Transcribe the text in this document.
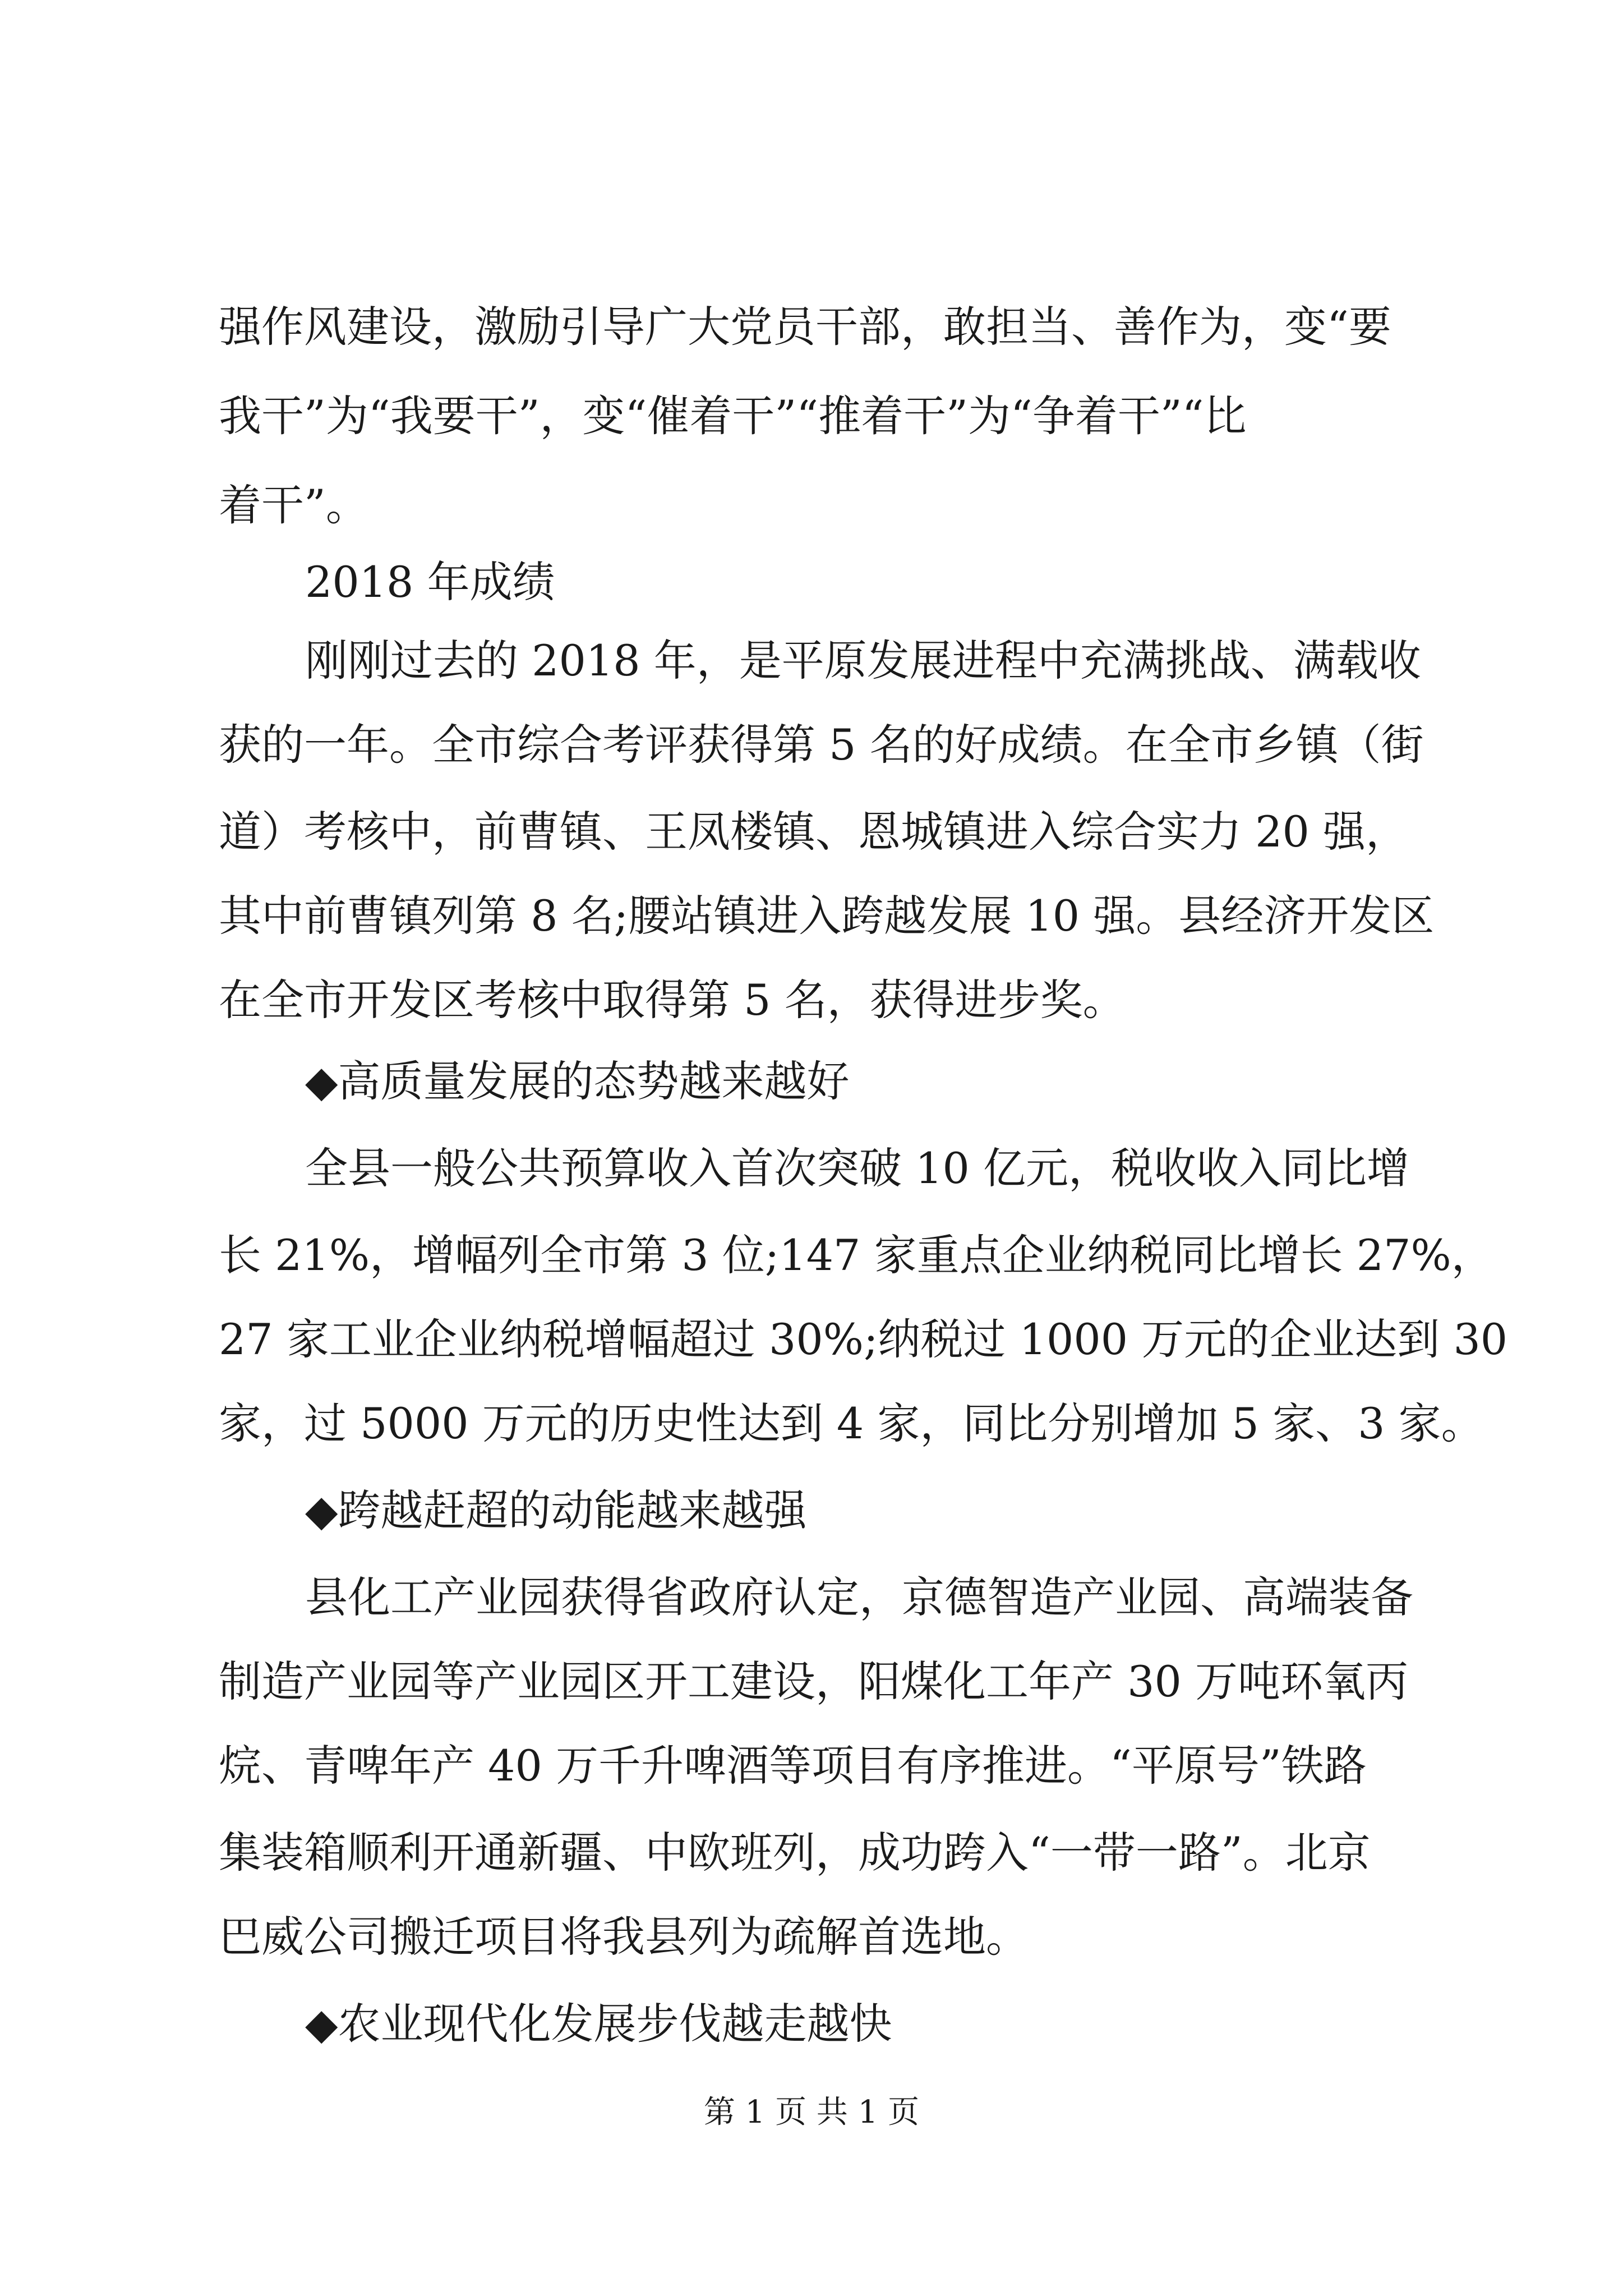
强作风建设，激励引导广大党员干部，敢担当、善作为，变“要
我干”为“我要干”，变“催着干”“推着干”为“争着干”“比
着干”。
2018 年成绩
刚刚过去的 2018 年，是平原发展进程中充满挑战、满载收
获的一年。全市综合考评获得第 5 名的好成绩。在全市乡镇（街
道）考核中，前曹镇、王凤楼镇、恩城镇进入综合实力 20 强，
其中前曹镇列第 8 名;腰站镇进入跨越发展 10 强。县经济开发区
在全市开发区考核中取得第 5 名，获得进步奖。
◆高质量发展的态势越来越好
全县一般公共预算收入首次突破 10 亿元，税收收入同比增
长 21%，增幅列全市第 3 位;147 家重点企业纳税同比增长 27%，
27 家工业企业纳税增幅超过 30%;纳税过 1000 万元的企业达到 30
家，过 5000 万元的历史性达到 4 家，同比分别增加 5 家、3 家。
◆跨越赶超的动能越来越强
县化工产业园获得省政府认定，京德智造产业园、高端装备
制造产业园等产业园区开工建设，阳煤化工年产 30 万吨环氧丙
烷、青啤年产 40 万千升啤酒等项目有序推进。“平原号”铁路
集装箱顺利开通新疆、中欧班列，成功跨入“一带一路”。北京
巴威公司搬迁项目将我县列为疏解首选地。
◆农业现代化发展步伐越走越快
第 1 页 共 1 页
